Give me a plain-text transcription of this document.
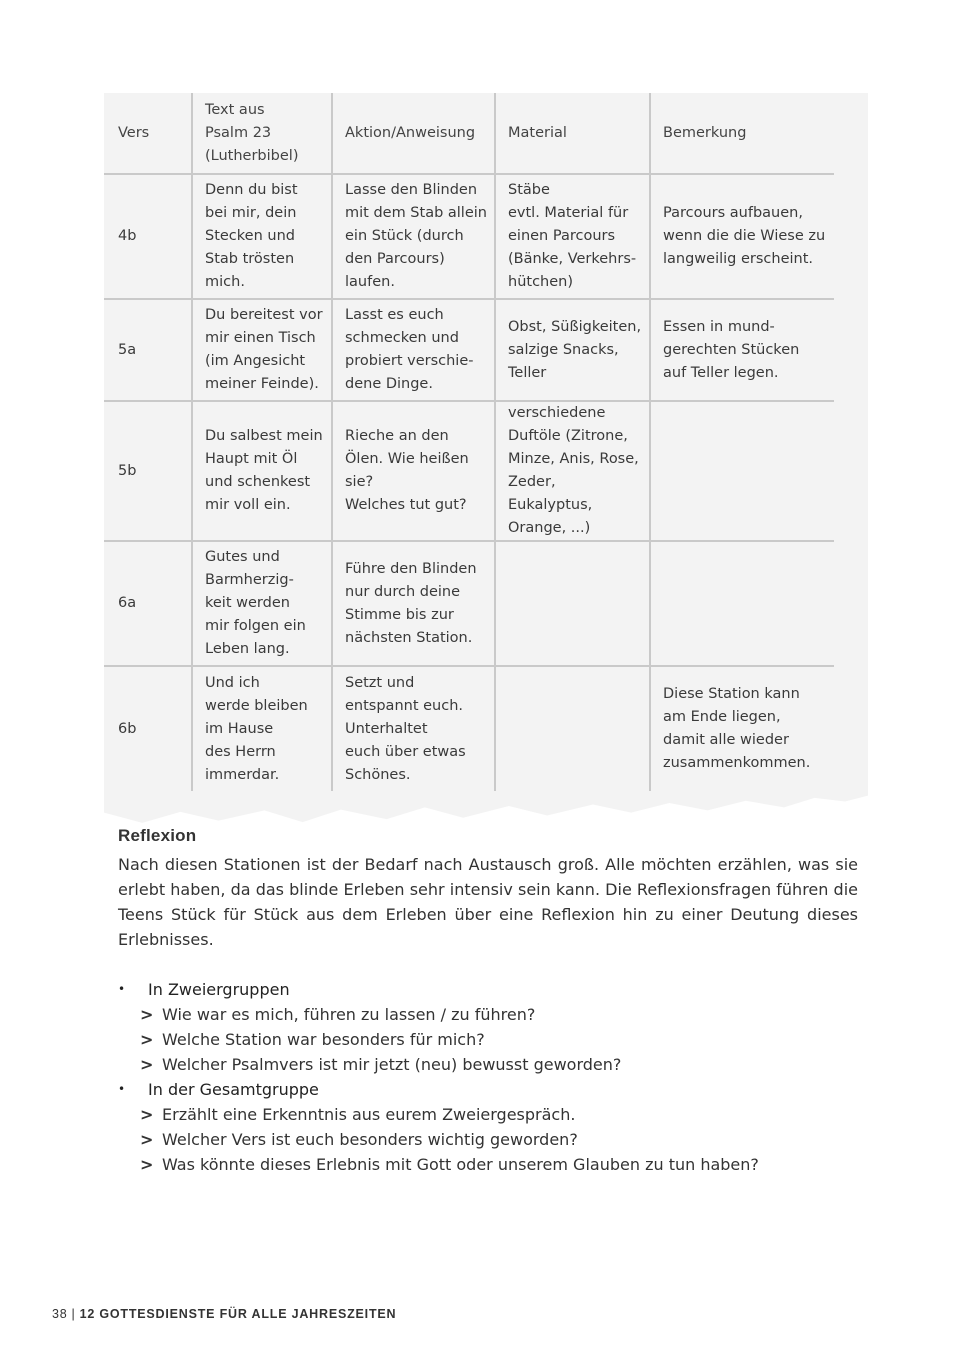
Vers	Text aus
Psalm 23
(Lutherbibel)	Aktion/Anweisung	Material	Bemerkung

4b	Denn du bist
bei mir, dein
Stecken und
Stab trösten
mich.	Lasse den Blinden
mit dem Stab allein
ein Stück (durch
den Parcours)
laufen.	Stäbe
evtl. Material für
einen Parcours
(Bänke, Verkehrs-
hütchen)	Parcours aufbauen,
wenn die die Wiese zu
langweilig erscheint.

5a	Du bereitest vor
mir einen Tisch
(im Angesicht
meiner Feinde).	Lasst es euch
schmecken und
probiert verschie-
dene Dinge.	Obst, Süßigkeiten,
salzige Snacks,
Teller	Essen in mund-
gerechten Stücken
auf Teller legen.

5b	Du salbest mein
Haupt mit Öl
und schenkest
mir voll ein.	Rieche an den
Ölen. Wie heißen
sie?
Welches tut gut?	verschiedene
Duftöle (Zitrone,
Minze, Anis, Rose,
Zeder, Eukalyptus,
Orange, ...)	

6a	Gutes und
Barmherzig-
keit werden
mir folgen ein
Leben lang.	Führe den Blinden
nur durch deine
Stimme bis zur
nächsten Station.		

6b	Und ich
werde bleiben
im Hause
des Herrn
immerdar.	Setzt und
entspannt euch.
Unterhaltet
euch über etwas
Schönes.		Diese Station kann
am Ende liegen,
damit alle wieder
zusammenkommen.
Reflexion

Nach diesen Stationen ist der Bedarf nach Austausch groß. Alle möchten erzählen, was sie erlebt haben, da das blinde Erleben sehr intensiv sein kann. Die Reflexionsfragen führen die Teens Stück für Stück aus dem Erleben über eine Reflexion hin zu einer Deutung dieses Erlebnisses.

• In Zweiergruppen
> Wie war es mich, führen zu lassen / zu führen?
> Welche Station war besonders für mich?
> Welcher Psalmvers ist mir jetzt (neu) bewusst geworden?
• In der Gesamtgruppe
> Erzählt eine Erkenntnis aus eurem Zweiergespräch.
> Welcher Vers ist euch besonders wichtig geworden?
> Was könnte dieses Erlebnis mit Gott oder unserem Glauben zu tun haben?
38 | 12 GOTTESDIENSTE FÜR ALLE JAHRESZEITEN
